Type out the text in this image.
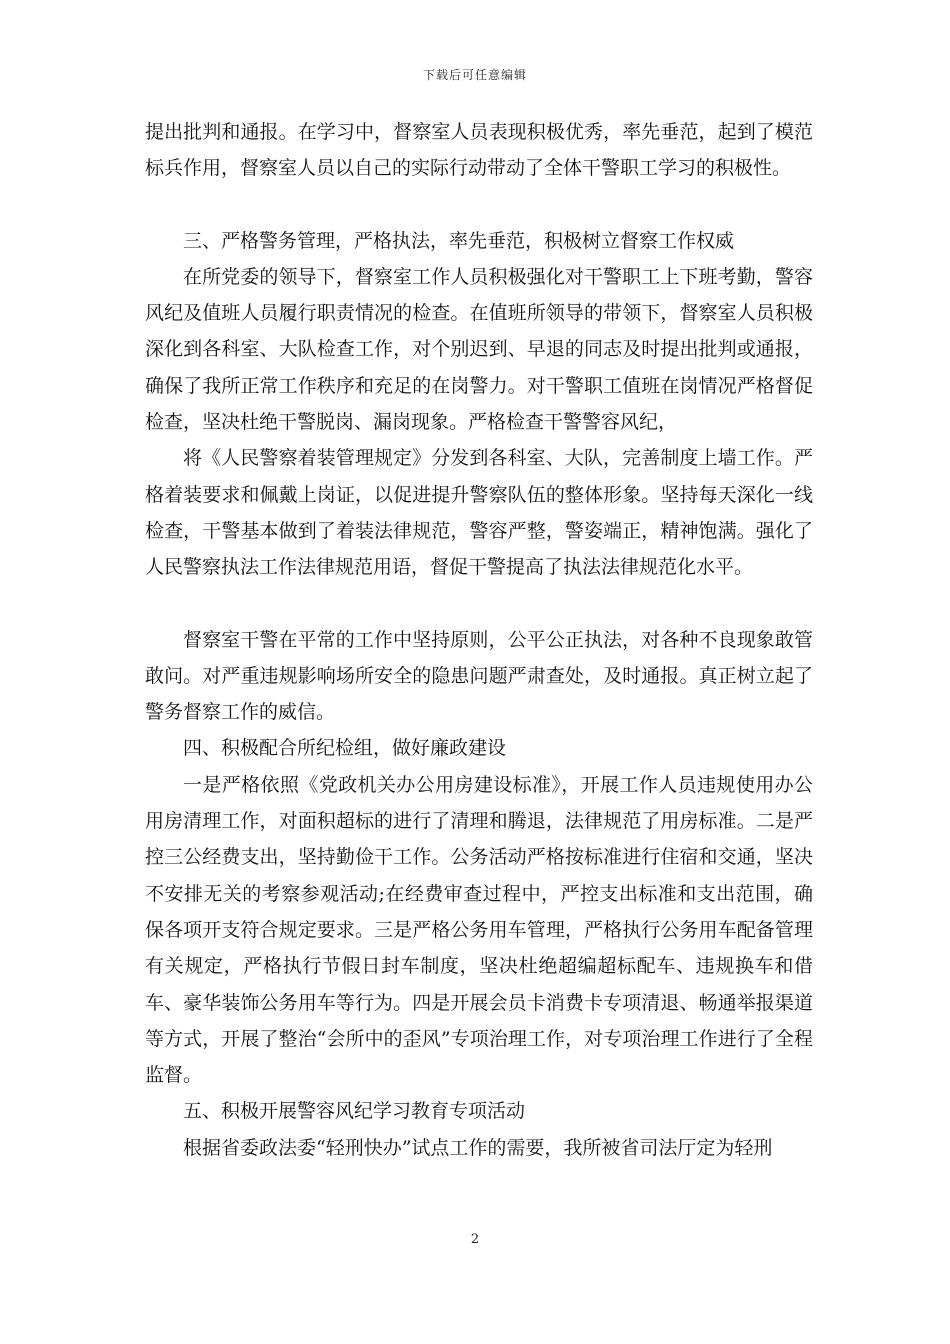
下载后可任意编辑

提出批判和通报。在学习中，督察室人员表现积极优秀，率先垂范，起到了模范标兵作用，督察室人员以自己的实际行动带动了全体干警职工学习的积极性。

三、严格警务管理，严格执法，率先垂范，积极树立督察工作权威

在所党委的领导下，督察室工作人员积极强化对干警职工上下班考勤，警容风纪及值班人员履行职责情况的检查。在值班所领导的带领下，督察室人员积极深化到各科室、大队检查工作，对个别迟到、早退的同志及时提出批判或通报，确保了我所正常工作秩序和充足的在岗警力。对干警职工值班在岗情况严格督促检查，坚决杜绝干警脱岗、漏岗现象。严格检查干警警容风纪，

将《人民警察着装管理规定》分发到各科室、大队，完善制度上墙工作。严格着装要求和佩戴上岗证，以促进提升警察队伍的整体形象。坚持每天深化一线检查，干警基本做到了着装法律规范，警容严整，警姿端正，精神饱满。强化了人民警察执法工作法律规范用语，督促干警提高了执法法律规范化水平。

督察室干警在平常的工作中坚持原则，公平公正执法，对各种不良现象敢管敢问。对严重违规影响场所安全的隐患问题严肃查处，及时通报。真正树立起了警务督察工作的威信。

四、积极配合所纪检组，做好廉政建设

一是严格依照《党政机关办公用房建设标准》，开展工作人员违规使用办公用房清理工作，对面积超标的进行了清理和腾退，法律规范了用房标准。二是严控三公经费支出，坚持勤俭干工作。公务活动严格按标准进行住宿和交通，坚决不安排无关的考察参观活动;在经费审查过程中，严控支出标准和支出范围，确保各项开支符合规定要求。三是严格公务用车管理，严格执行公务用车配备管理有关规定，严格执行节假日封车制度，坚决杜绝超编超标配车、违规换车和借车、豪华装饰公务用车等行为。四是开展会员卡消费卡专项清退、畅通举报渠道等方式，开展了整治“会所中的歪风”专项治理工作，对专项治理工作进行了全程监督。

五、积极开展警容风纪学习教育专项活动

根据省委政法委“轻刑快办”试点工作的需要，我所被省司法厅定为轻刑

2
